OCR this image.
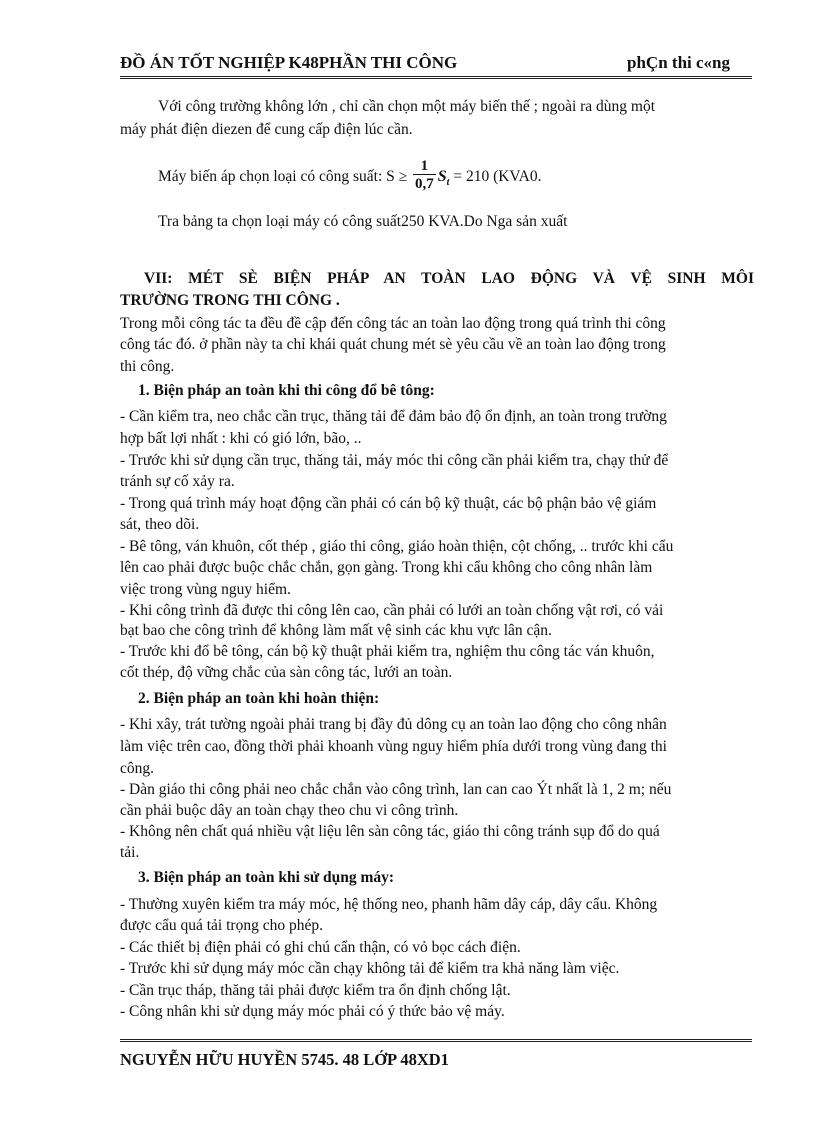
ĐỒ ÁN TỐT NGHIỆP K48PHẦN THI CÔNG	phÇn thi c«ng
Với công trường không lớn , chỉ cần chọn một máy biến thế ; ngoài ra dùng một
máy phát điện diezen để cung cấp điện lúc cần.
Máy biến áp chọn loại có công suất: $S \ge \frac{1}{0,7} S_t = 210$ (KVA0.
Tra bảng ta chọn loại máy có công suất250 KVA.Do Nga sản xuất
VII: MÉT SÈ BIỆN PHÁP AN TOÀN LAO ĐỘNG VÀ VỆ SINH MÔI
TRƯỜNG TRONG THI CÔNG .
Trong mỗi công tác ta đều đề cập đến công tác an toàn lao động trong quá trình thi công
công tác đó. ở phần này ta chỉ khái quát chung mét sè yêu cầu về an toàn lao động trong
thi công.
1. Biện pháp an toàn khi thi công đổ bê tông:
- Cần kiểm tra, neo chắc cần trục, thăng tải để đảm bảo độ ổn định, an toàn trong trường
hợp bất lợi nhất : khi có gió lớn, bão, ..
- Trước khi sử dụng cần trục, thăng tải, máy móc thi công cần phải kiểm tra, chạy thử để
tránh sự cố xảy ra.
- Trong quá trình máy hoạt động cần phải có cán bộ kỹ thuật, các bộ phận bảo vệ giám
sát, theo dõi.
- Bê tông, ván khuôn, cốt thép , giáo thi công, giáo hoàn thiện, cột chống, .. trước khi cẩu
lên cao phải được buộc chắc chắn, gọn gàng. Trong khi cẩu không cho công nhân làm
việc trong vùng nguy hiểm.
- Khi công trình đã được thi công lên cao, cần phải có lưới an toàn chống vật rơi, có vải
bạt bao che công trình để không làm mất vệ sinh các khu vực lân cận.
- Trước khi đổ bê tông, cán bộ kỹ thuật phải kiểm tra, nghiệm thu công tác ván khuôn,
cốt thép, độ vững chắc của sàn công tác, lưới an toàn.
2. Biện pháp an toàn khi hoàn thiện:
- Khi xây, trát tường ngoài phải trang bị đầy đủ dông cụ an toàn lao động cho công nhân
làm việc trên cao, đồng thời phải khoanh vùng nguy hiểm phía dưới trong vùng đang thi
công.
- Dàn giáo thi công phải neo chắc chắn vào công trình, lan can cao Ýt nhất là 1, 2 m; nếu
cần phải buộc dây an toàn chạy theo chu vi công trình.
- Không nên chất quá nhiều vật liệu lên sàn công tác, giáo thi công tránh sụp đổ do quá
tải.
3. Biện pháp an toàn khi sử dụng máy:
- Thường xuyên kiểm tra máy móc, hệ thống neo, phanh hãm dây cáp, dây cẩu. Không
được cẩu quá tải trọng cho phép.
- Các thiết bị điện phải có ghi chú cẩn thận, có vỏ bọc cách điện.
- Trước khi sử dụng máy móc cần chạy không tải để kiểm tra khả năng làm việc.
- Cần trục tháp, thăng tải phải được kiểm tra ổn định chống lật.
- Công nhân khi sử dụng máy móc phải có ý thức bảo vệ máy.
NGUYỄN HỮU HUYỀN 5745. 48 LỚP 48XD1
